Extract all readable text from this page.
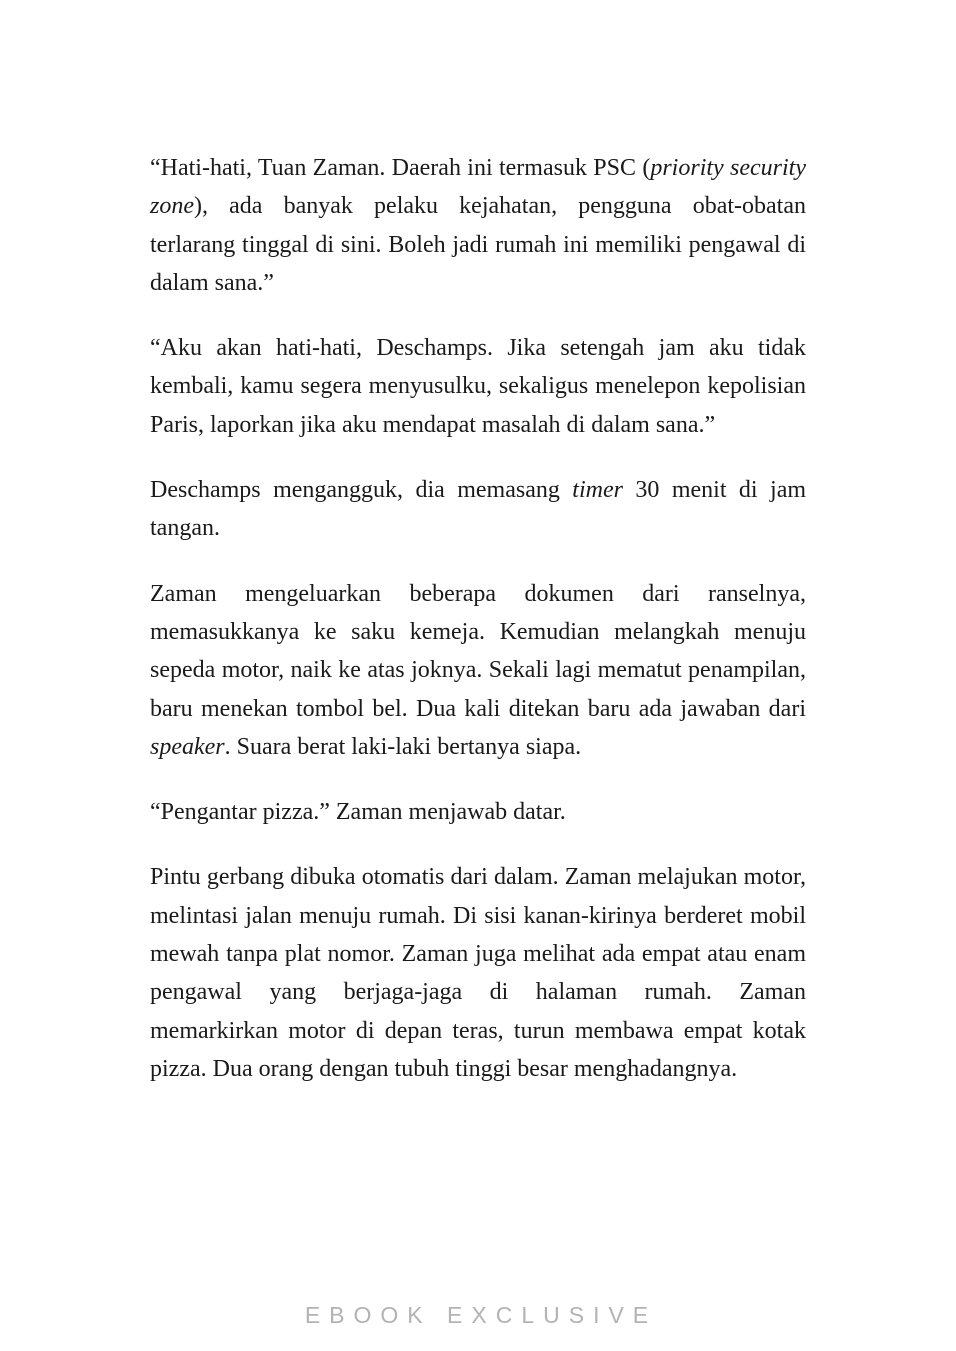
“Hati-hati, Tuan Zaman. Daerah ini termasuk PSC (priority security zone), ada banyak pelaku kejahatan, pengguna obat-obatan terlarang tinggal di sini. Boleh jadi rumah ini memiliki pengawal di dalam sana.”

“Aku akan hati-hati, Deschamps. Jika setengah jam aku tidak kembali, kamu segera menyusulku, sekaligus menelepon kepolisian Paris, laporkan jika aku mendapat masalah di dalam sana.”

Deschamps mengangguk, dia memasang timer 30 menit di jam tangan.

Zaman mengeluarkan beberapa dokumen dari ranselnya, memasukkanya ke saku kemeja. Kemudian melangkah menuju sepeda motor, naik ke atas joknya. Sekali lagi mematut penampilan, baru menekan tombol bel. Dua kali ditekan baru ada jawaban dari speaker. Suara berat laki-laki bertanya siapa.

“Pengantar pizza.” Zaman menjawab datar.

Pintu gerbang dibuka otomatis dari dalam. Zaman melajukan motor, melintasi jalan menuju rumah. Di sisi kanan-kirinya berderet mobil mewah tanpa plat nomor. Zaman juga melihat ada empat atau enam pengawal yang berjaga-jaga di halaman rumah. Zaman memarkirkan motor di depan teras, turun membawa empat kotak pizza. Dua orang dengan tubuh tinggi besar menghadangnya.

EBOOK EXCLUSIVE
